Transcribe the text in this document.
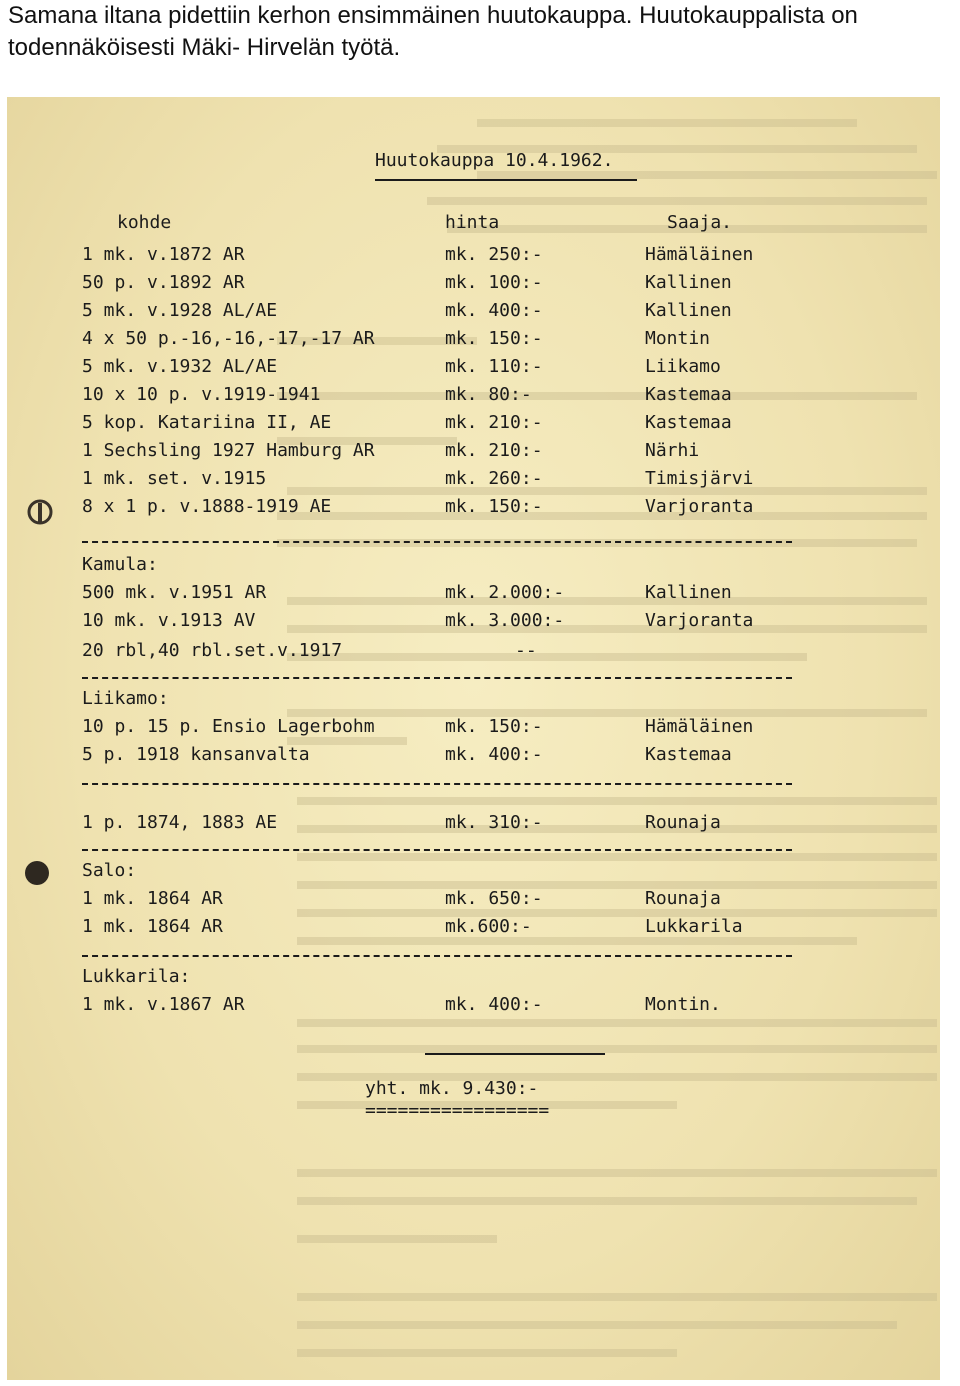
Samana iltana pidettiin kerhon ensimmäinen huutokauppa. Huutokauppalista on

todennäköisesti Mäki- Hirvelän työtä.

Huutokauppa 10.4.1962.
kohde	hinta	Saaja.
1 mk. v.1872 AR	mk. 250:-	Hämäläinen
50 p. v.1892 AR	mk. 100:-	Kallinen
5 mk. v.1928 AL/AE	mk. 400:-	Kallinen
4 x 50 p.-16,-16,-17,-17 AR	mk. 150:-	Montin
5 mk. v.1932 AL/AE	mk. 110:-	Liikamo
10 x 10 p. v.1919-1941	mk. 80:-	Kastemaa
5 kop. Katariina II, AE	mk. 210:-	Kastemaa
1 Sechsling 1927 Hamburg AR	mk. 210:-	Närhi
1 mk. set. v.1915	mk. 260:-	Timisjärvi
8 x 1 p. v.1888-1919 AE	mk. 150:-	Varjoranta
Kamula:
500 mk. v.1951 AR	mk. 2.000:-	Kallinen
10 mk. v.1913 AV	mk. 3.000:-	Varjoranta
20 rbl,40 rbl.set.v.1917	--
Liikamo:
10 p. 15 p. Ensio Lagerbohm	mk. 150:-	Hämäläinen
5 p. 1918 kansanvalta	mk. 400:-	Kastemaa
1 p. 1874, 1883 AE	mk. 310:-	Rounaja
Salo:
1 mk. 1864 AR	mk. 650:-	Rounaja
1 mk. 1864 AR	mk.600:-	Lukkarila
Lukkarila:
1 mk. v.1867 AR	mk. 400:-	Montin.
yht. mk. 9.430:-
=================
